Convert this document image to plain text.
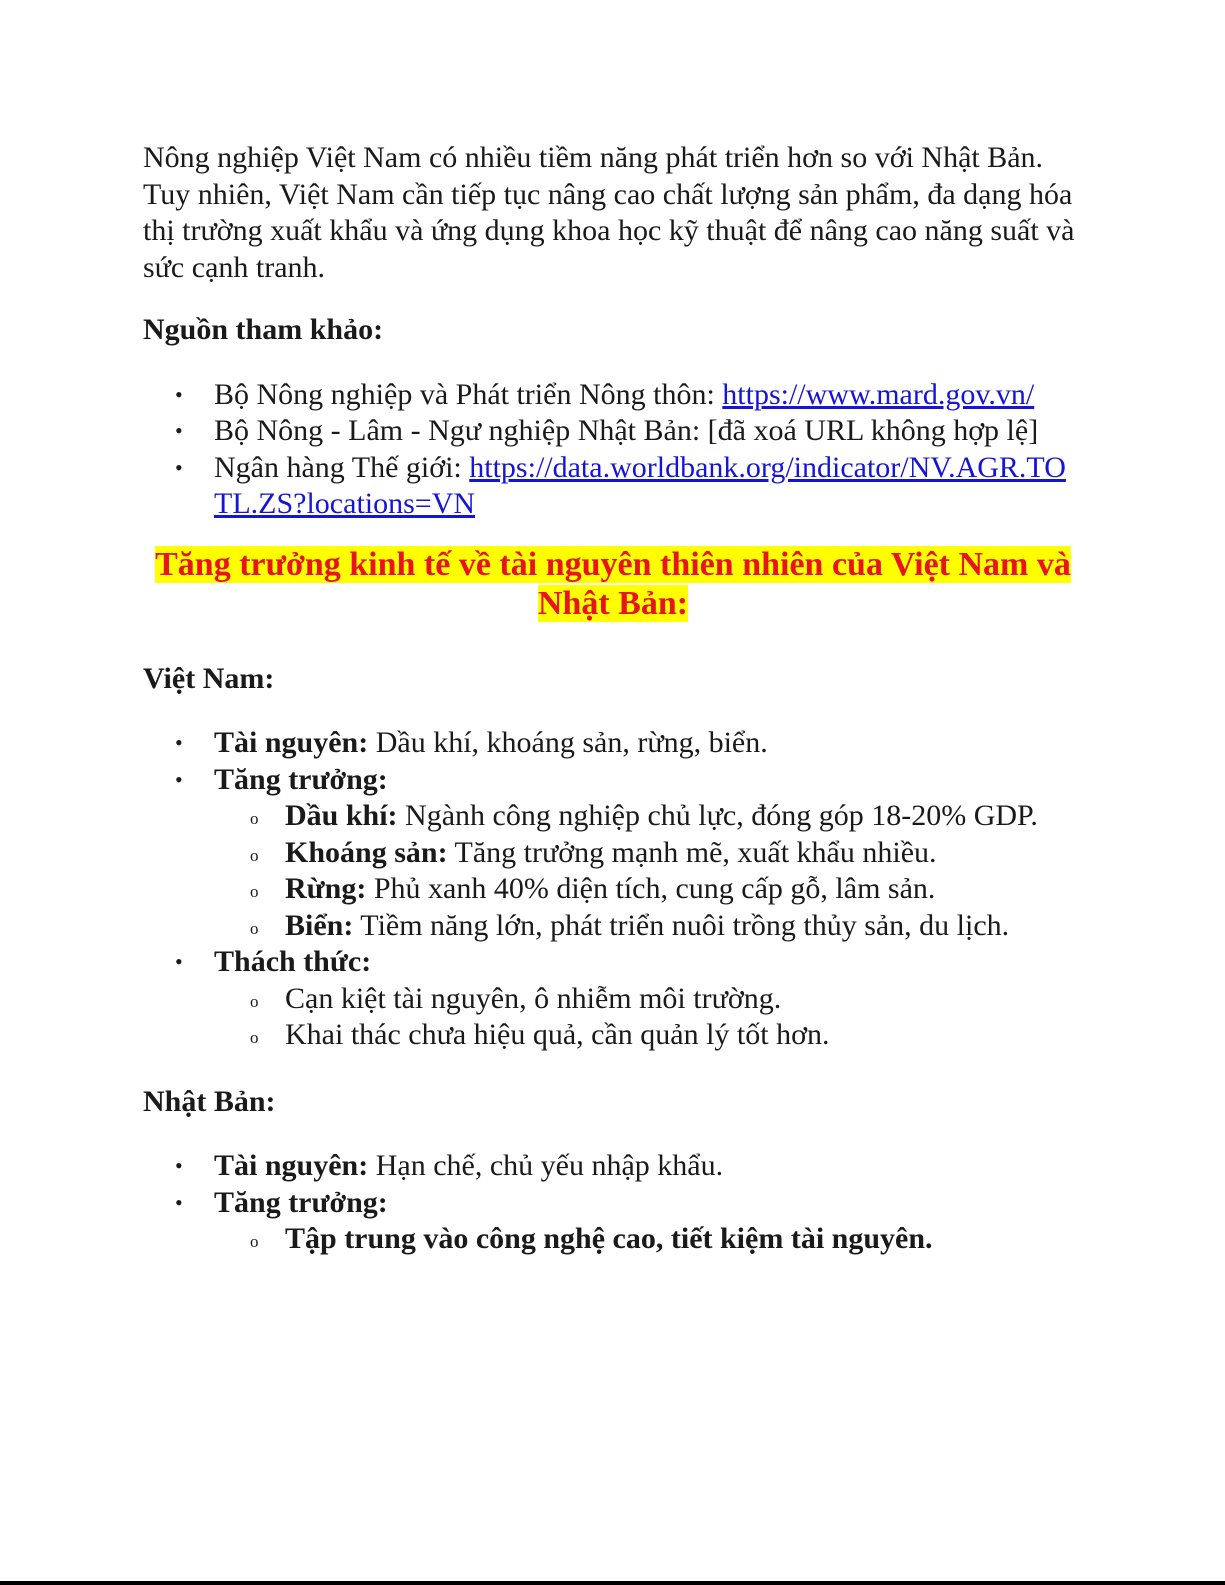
Nông nghiệp Việt Nam có nhiều tiềm năng phát triển hơn so với Nhật Bản. Tuy nhiên, Việt Nam cần tiếp tục nâng cao chất lượng sản phẩm, đa dạng hóa thị trường xuất khẩu và ứng dụng khoa học kỹ thuật để nâng cao năng suất và sức cạnh tranh.

Nguồn tham khảo:

• Bộ Nông nghiệp và Phát triển Nông thôn: https://www.mard.gov.vn/
• Bộ Nông - Lâm - Ngư nghiệp Nhật Bản: [đã xoá URL không hợp lệ]
• Ngân hàng Thế giới: https://data.worldbank.org/indicator/NV.AGR.TOTL.ZS?locations=VN

Tăng trưởng kinh tế về tài nguyên thiên nhiên của Việt Nam và Nhật Bản:

Việt Nam:

• Tài nguyên: Dầu khí, khoáng sản, rừng, biển.
• Tăng trưởng:
o Dầu khí: Ngành công nghiệp chủ lực, đóng góp 18-20% GDP.
o Khoáng sản: Tăng trưởng mạnh mẽ, xuất khẩu nhiều.
o Rừng: Phủ xanh 40% diện tích, cung cấp gỗ, lâm sản.
o Biển: Tiềm năng lớn, phát triển nuôi trồng thủy sản, du lịch.
• Thách thức:
o Cạn kiệt tài nguyên, ô nhiễm môi trường.
o Khai thác chưa hiệu quả, cần quản lý tốt hơn.

Nhật Bản:

• Tài nguyên: Hạn chế, chủ yếu nhập khẩu.
• Tăng trưởng:
o Tập trung vào công nghệ cao, tiết kiệm tài nguyên.
